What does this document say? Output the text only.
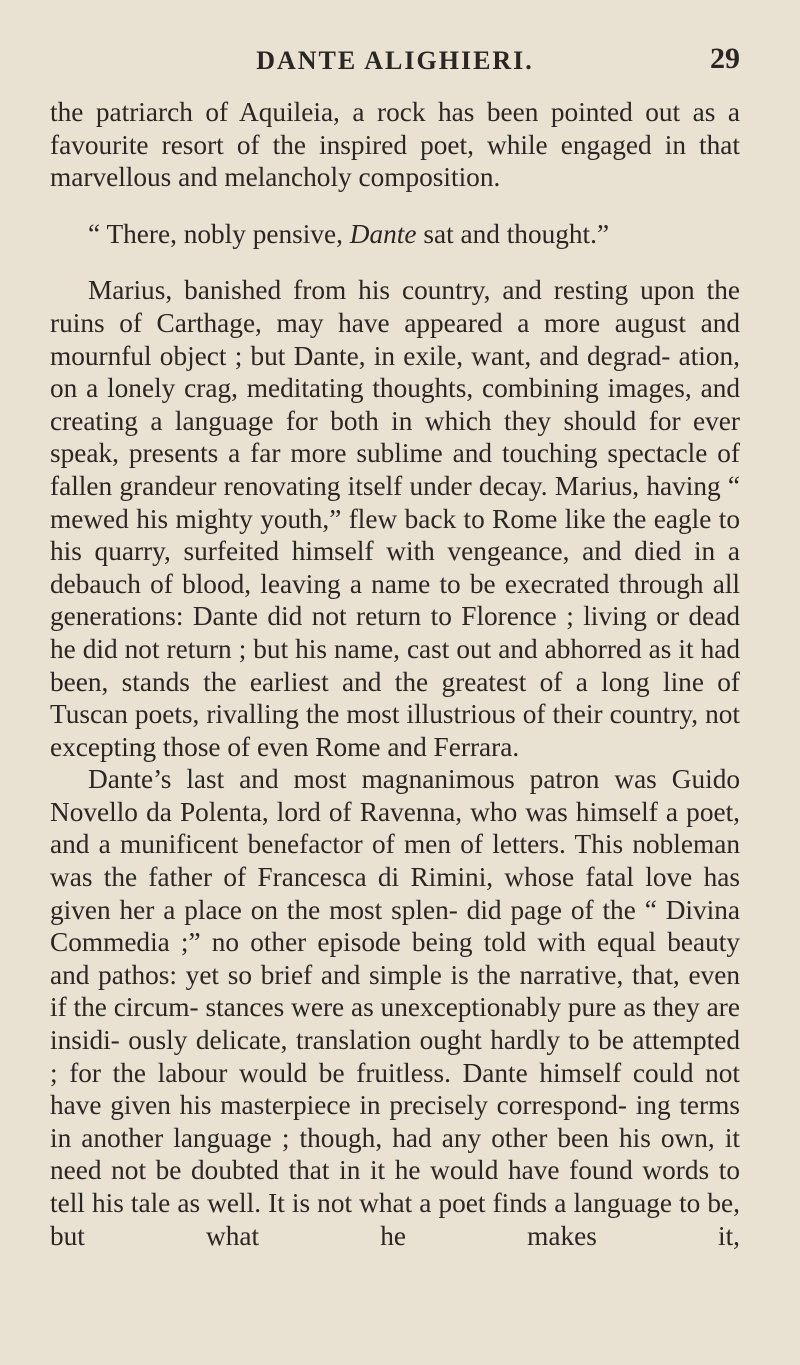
DANTE ALIGHIERI.	29

the patriarch of Aquileia, a rock has been pointed out as a favourite resort of the inspired poet, while engaged in that marvellous and melancholy composition.

“ There, nobly pensive, Dante sat and thought.”

Marius, banished from his country, and resting upon the ruins of Carthage, may have appeared a more august and mournful object ; but Dante, in exile, want, and degrad- ation, on a lonely crag, meditating thoughts, combining images, and creating a language for both in which they should for ever speak, presents a far more sublime and touching spectacle of fallen grandeur renovating itself under decay. Marius, having “ mewed his mighty youth,” flew back to Rome like the eagle to his quarry, surfeited himself with vengeance, and died in a debauch of blood, leaving a name to be execrated through all generations: Dante did not return to Florence ; living or dead he did not return ; but his name, cast out and abhorred as it had been, stands the earliest and the greatest of a long line of Tuscan poets, rivalling the most illustrious of their country, not excepting those of even Rome and Ferrara.

Dante’s last and most magnanimous patron was Guido Novello da Polenta, lord of Ravenna, who was himself a poet, and a munificent benefactor of men of letters. This nobleman was the father of Francesca di Rimini, whose fatal love has given her a place on the most splen- did page of the “ Divina Commedia ;” no other episode being told with equal beauty and pathos: yet so brief and simple is the narrative, that, even if the circum- stances were as unexceptionably pure as they are insidi- ously delicate, translation ought hardly to be attempted ; for the labour would be fruitless. Dante himself could not have given his masterpiece in precisely correspond- ing terms in another language ; though, had any other been his own, it need not be doubted that in it he would have found words to tell his tale as well. It is not what a poet finds a language to be, but what he makes it,
